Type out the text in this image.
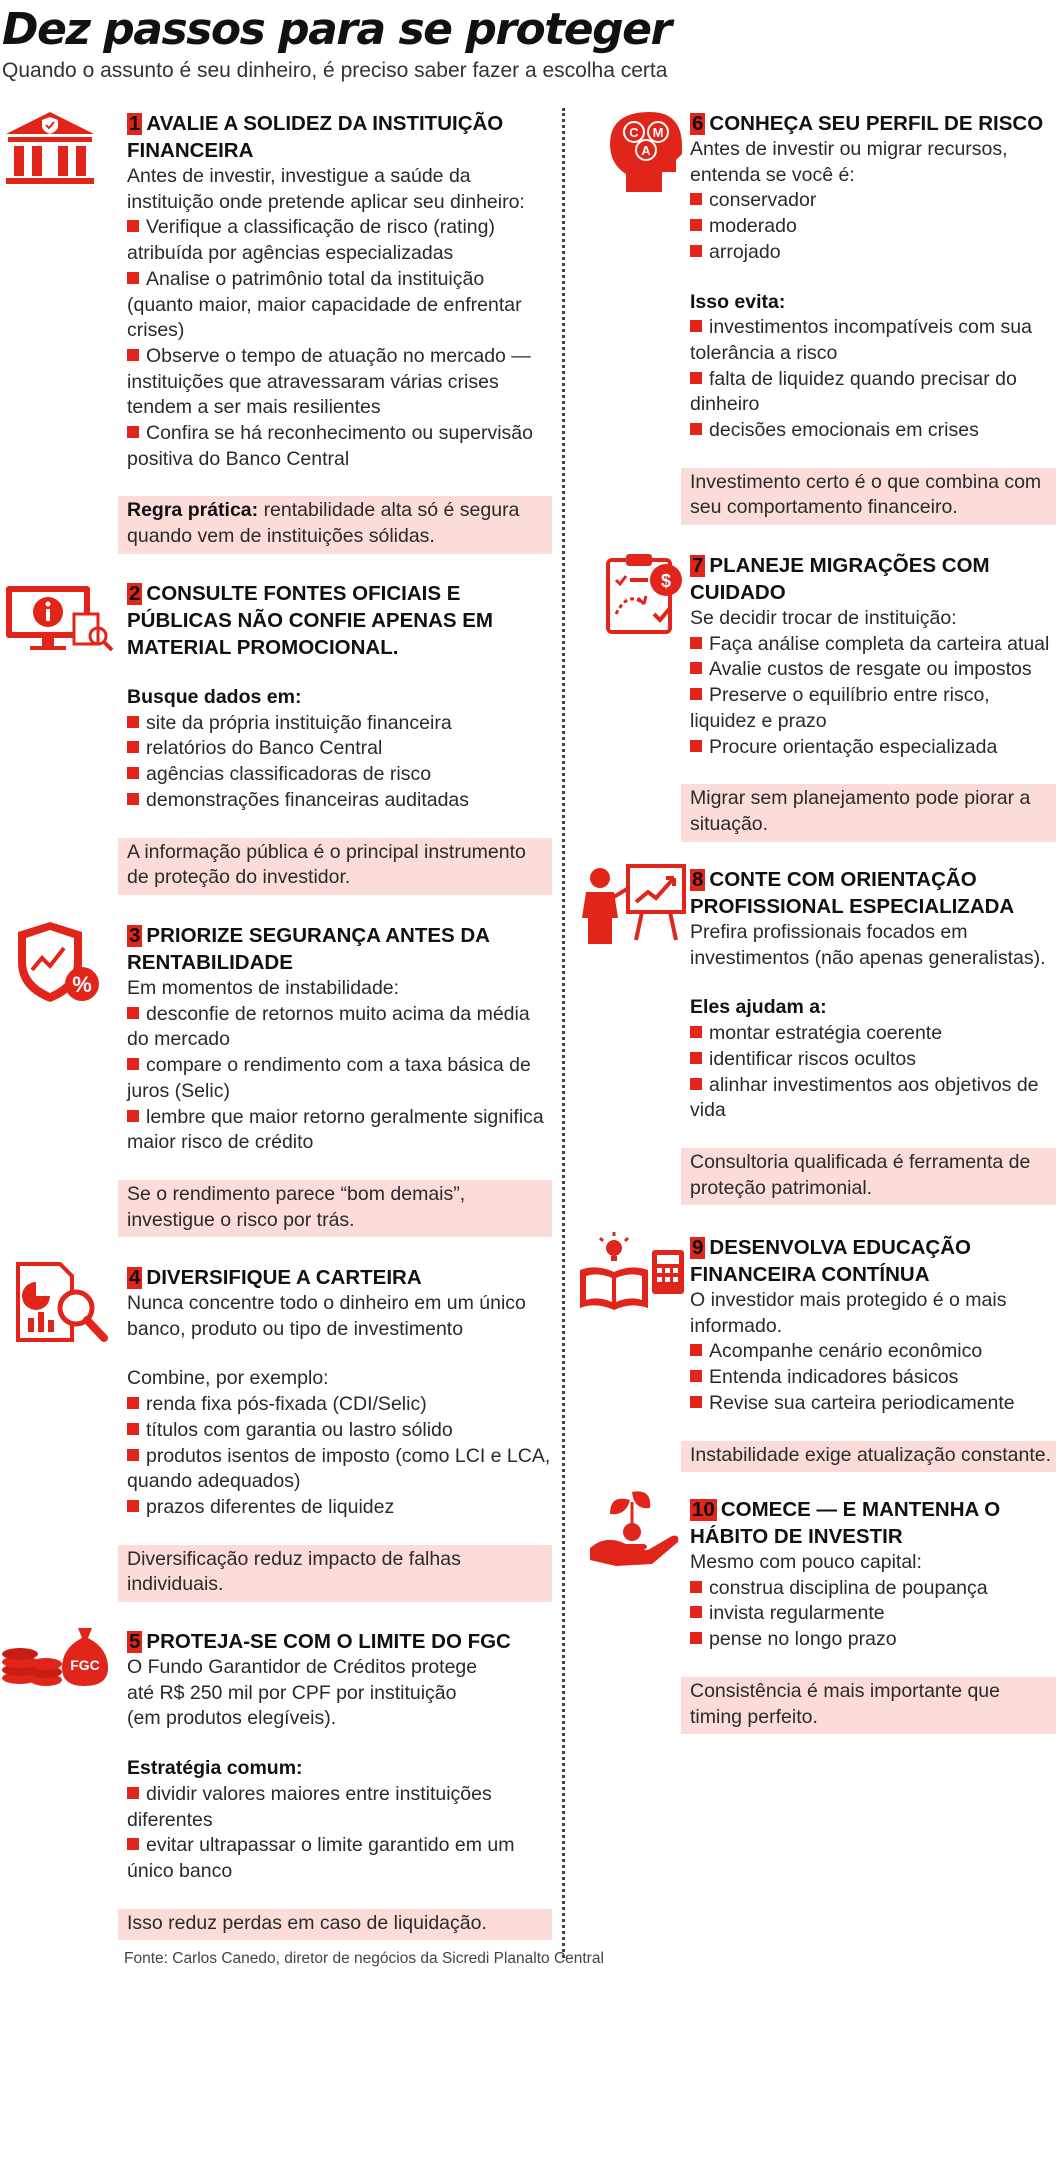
Dez passos para se proteger
Quando o assunto é seu dinheiro, é preciso saber fazer a escolha certa
%
FGC
C M
A
$
1 AVALIE A SOLIDEZ DA INSTITUIÇÃO FINANCEIRA
Antes de investir, investigue a saúde da instituição onde pretende aplicar seu dinheiro:
Verifique a classificação de risco (rating) atribuída por agências especializadas
Analise o patrimônio total da instituição (quanto maior, maior capacidade de enfrentar crises)
Observe o tempo de atuação no mercado — instituições que atravessaram várias crises tendem a ser mais resilientes
Confira se há reconhecimento ou supervisão positiva do Banco Central
Regra prática: rentabilidade alta só é segura quando vem de instituições sólidas.
2 CONSULTE FONTES OFICIAIS E PÚBLICAS NÃO CONFIE APENAS EM MATERIAL PROMOCIONAL.
Busque dados em:
site da própria instituição financeira
relatórios do Banco Central
agências classificadoras de risco
demonstrações financeiras auditadas
A informação pública é o principal instrumento de proteção do investidor.
3 PRIORIZE SEGURANÇA ANTES DA RENTABILIDADE
Em momentos de instabilidade:
desconfie de retornos muito acima da média do mercado
compare o rendimento com a taxa básica de juros (Selic)
lembre que maior retorno geralmente significa maior risco de crédito
Se o rendimento parece “bom demais”, investigue o risco por trás.
4 DIVERSIFIQUE A CARTEIRA
Nunca concentre todo o dinheiro em um único banco, produto ou tipo de investimento
Combine, por exemplo:
renda fixa pós-fixada (CDI/Selic)
títulos com garantia ou lastro sólido
produtos isentos de imposto (como LCI e LCA, quando adequados)
prazos diferentes de liquidez
Diversificação reduz impacto de falhas individuais.
5 PROTEJA-SE COM O LIMITE DO FGC
O Fundo Garantidor de Créditos protege
até R$ 250 mil por CPF por instituição
(em produtos elegíveis).
Estratégia comum:
dividir valores maiores entre instituições diferentes
evitar ultrapassar o limite garantido em um único banco
Isso reduz perdas em caso de liquidação.
6 CONHEÇA SEU PERFIL DE RISCO
Antes de investir ou migrar recursos, entenda se você é:
conservador
moderado
arrojado
Isso evita:
investimentos incompatíveis com sua tolerância a risco
falta de liquidez quando precisar do dinheiro
decisões emocionais em crises
Investimento certo é o que combina com seu comportamento financeiro.
7 PLANEJE MIGRAÇÕES COM CUIDADO
Se decidir trocar de instituição:
Faça análise completa da carteira atual
Avalie custos de resgate ou impostos
Preserve o equilíbrio entre risco, liquidez e prazo
Procure orientação especializada
Migrar sem planejamento pode piorar a situação.
8 CONTE COM ORIENTAÇÃO PROFISSIONAL ESPECIALIZADA
Prefira profissionais focados em investimentos (não apenas generalistas).
Eles ajudam a:
montar estratégia coerente
identificar riscos ocultos
alinhar investimentos aos objetivos de vida
Consultoria qualificada é ferramenta de proteção patrimonial.
9 DESENVOLVA EDUCAÇÃO FINANCEIRA CONTÍNUA
O investidor mais protegido é o mais informado.
Acompanhe cenário econômico
Entenda indicadores básicos
Revise sua carteira periodicamente
Instabilidade exige atualização constante.
10 COMECE — E MANTENHA O HÁBITO DE INVESTIR
Mesmo com pouco capital:
construa disciplina de poupança
invista regularmente
pense no longo prazo
Consistência é mais importante que timing perfeito.
Fonte: Carlos Canedo, diretor de negócios da Sicredi Planalto Central
